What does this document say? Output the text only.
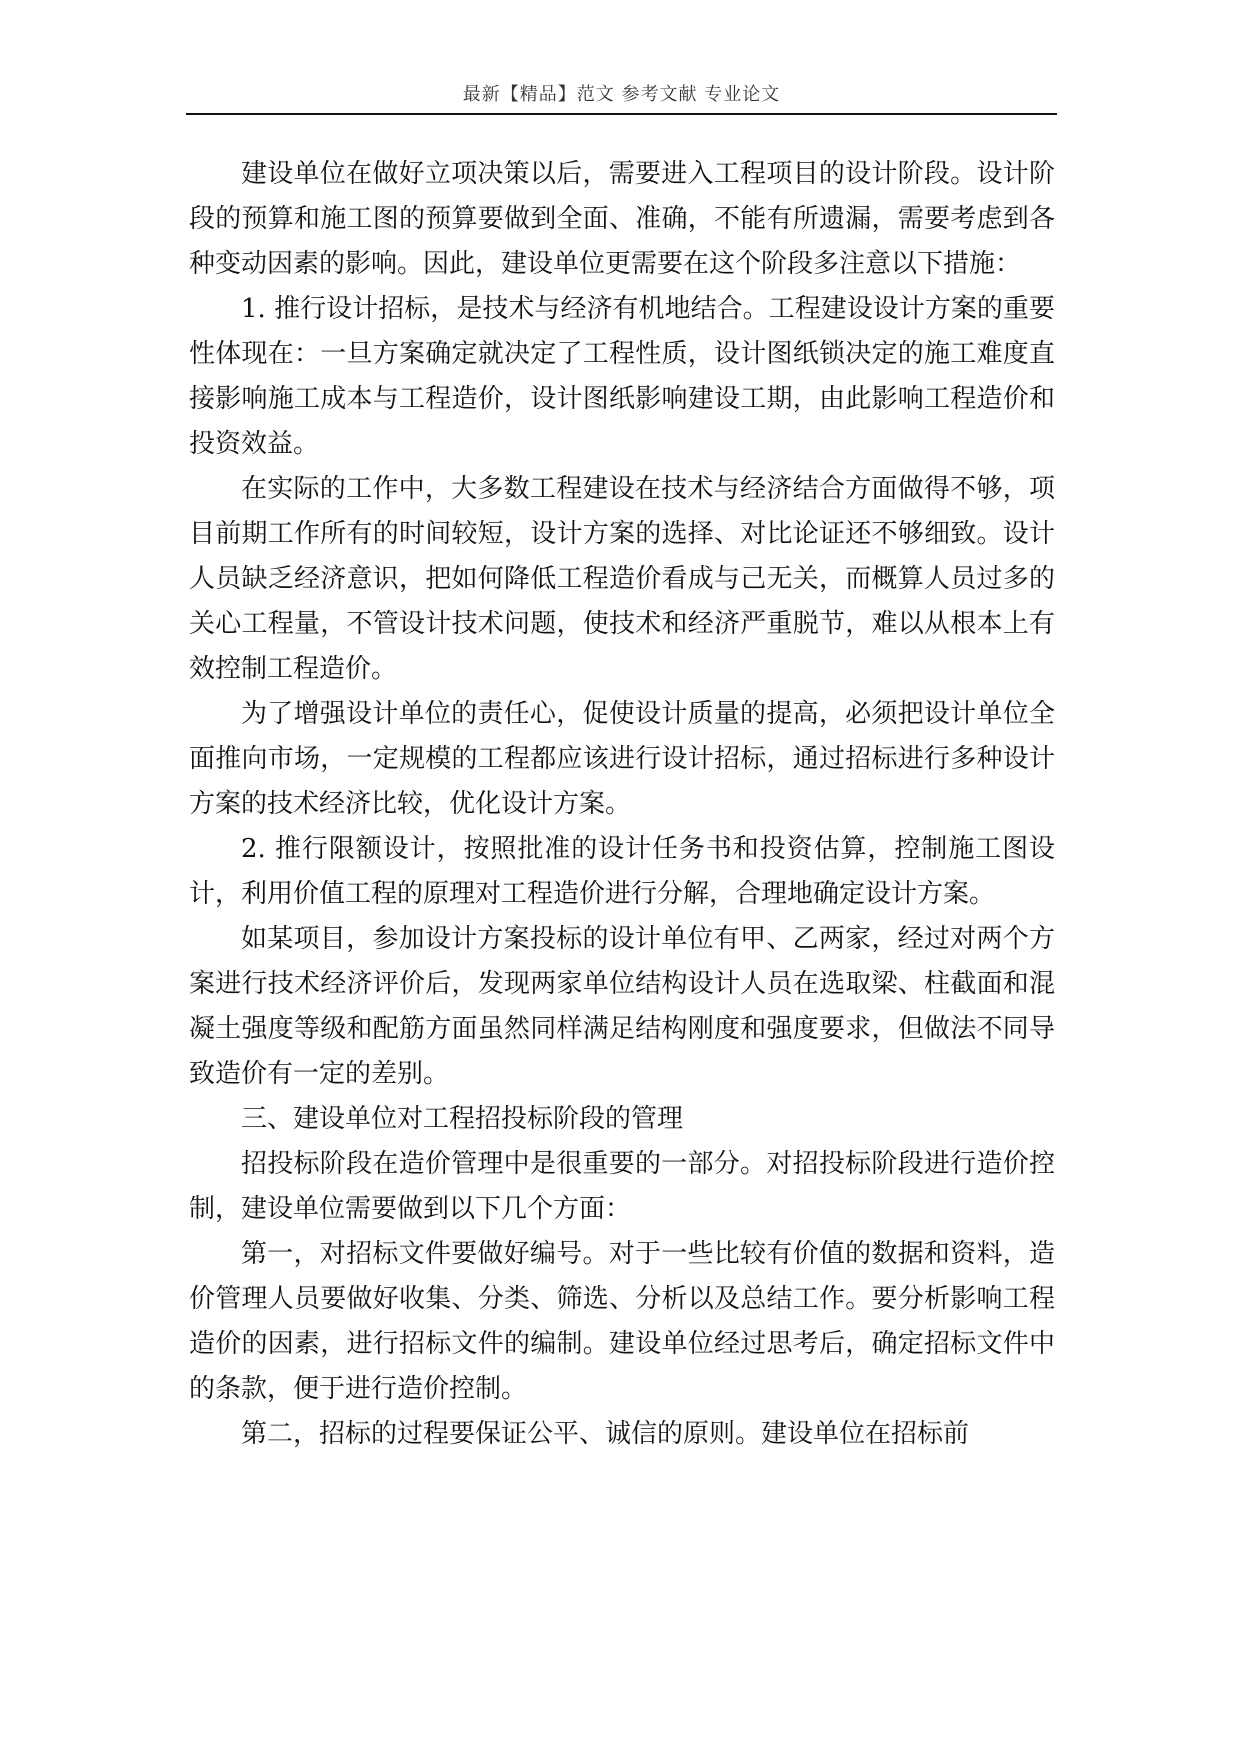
最新【精品】范文 参考文献 专业论文

建设单位在做好立项决策以后，需要进入工程项目的设计阶段。设计阶段的预算和施工图的预算要做到全面、准确，不能有所遗漏，需要考虑到各种变动因素的影响。因此，建设单位更需要在这个阶段多注意以下措施：

1. 推行设计招标，是技术与经济有机地结合。工程建设设计方案的重要性体现在：一旦方案确定就决定了工程性质，设计图纸锁决定的施工难度直接影响施工成本与工程造价，设计图纸影响建设工期，由此影响工程造价和投资效益。

在实际的工作中，大多数工程建设在技术与经济结合方面做得不够，项目前期工作所有的时间较短，设计方案的选择、对比论证还不够细致。设计人员缺乏经济意识，把如何降低工程造价看成与己无关，而概算人员过多的关心工程量，不管设计技术问题，使技术和经济严重脱节，难以从根本上有效控制工程造价。

为了增强设计单位的责任心，促使设计质量的提高，必须把设计单位全面推向市场，一定规模的工程都应该进行设计招标，通过招标进行多种设计方案的技术经济比较，优化设计方案。

2. 推行限额设计，按照批准的设计任务书和投资估算，控制施工图设计，利用价值工程的原理对工程造价进行分解，合理地确定设计方案。

如某项目，参加设计方案投标的设计单位有甲、乙两家，经过对两个方案进行技术经济评价后，发现两家单位结构设计人员在选取梁、柱截面和混凝土强度等级和配筋方面虽然同样满足结构刚度和强度要求，但做法不同导致造价有一定的差别。

三、建设单位对工程招投标阶段的管理

招投标阶段在造价管理中是很重要的一部分。对招投标阶段进行造价控制，建设单位需要做到以下几个方面：

第一，对招标文件要做好编号。对于一些比较有价值的数据和资料，造价管理人员要做好收集、分类、筛选、分析以及总结工作。要分析影响工程造价的因素，进行招标文件的编制。建设单位经过思考后，确定招标文件中的条款，便于进行造价控制。

第二，招标的过程要保证公平、诚信的原则。建设单位在招标前
